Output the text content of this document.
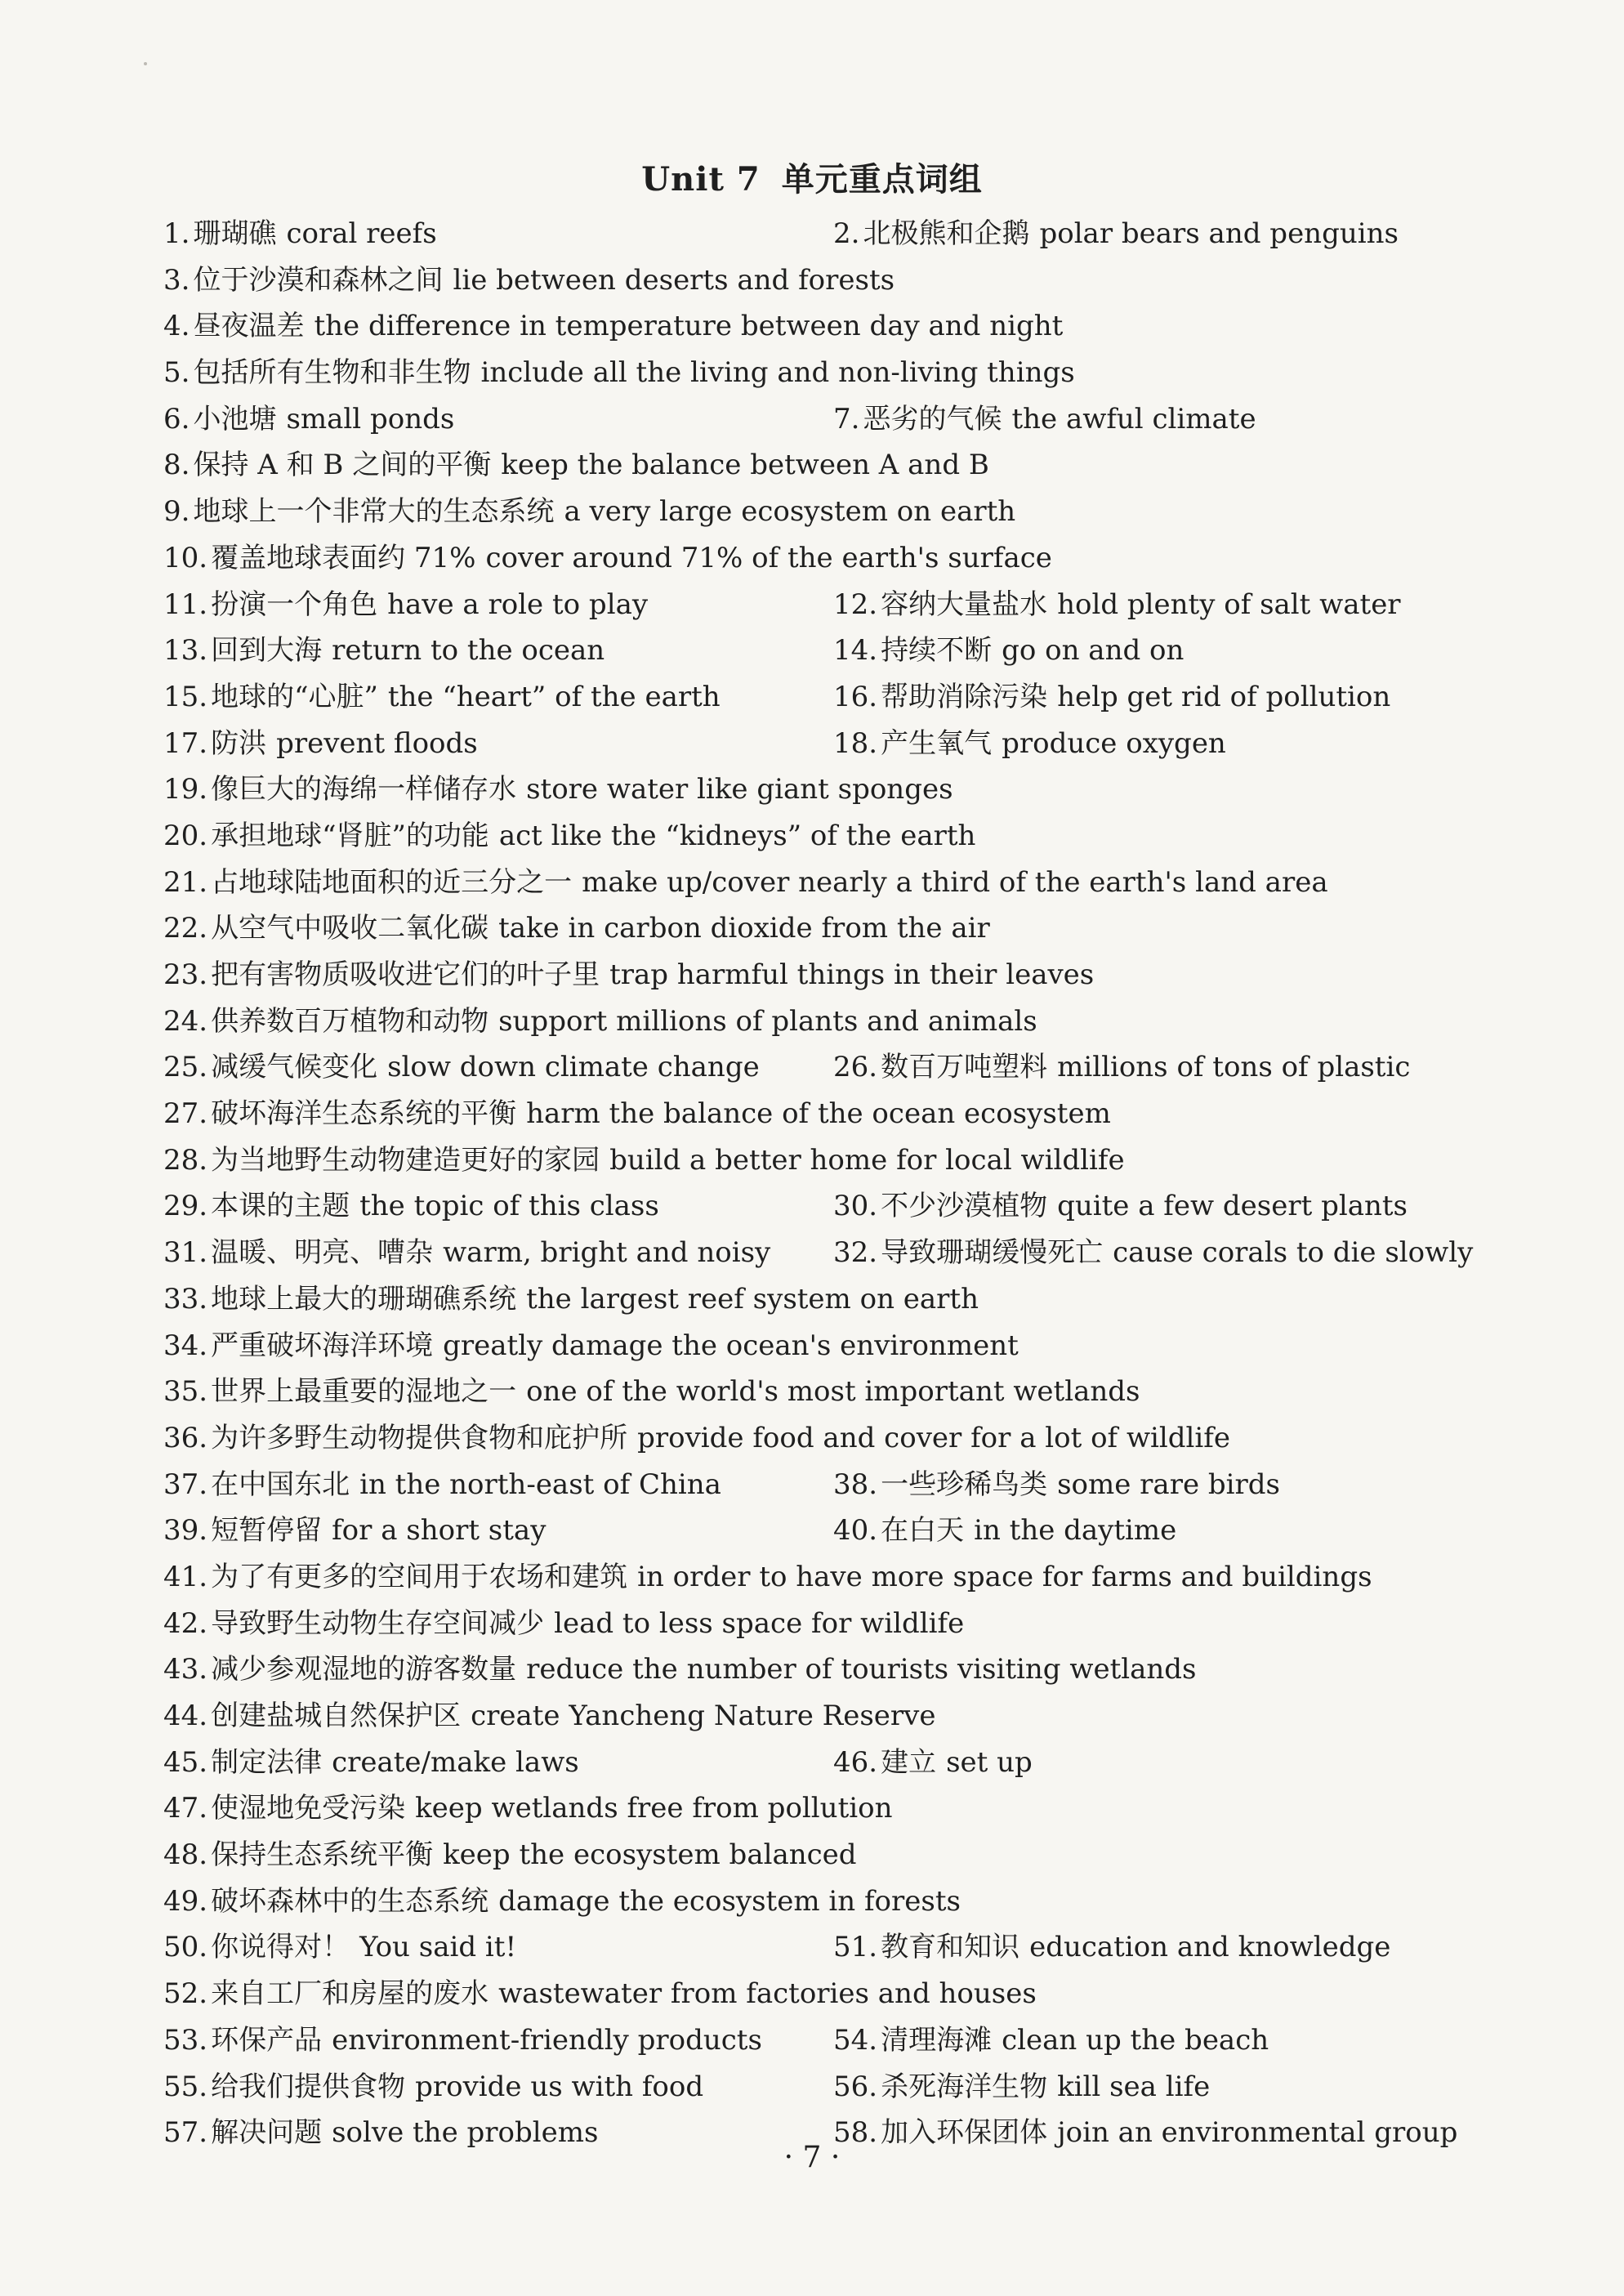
Unit 7 单元重点词组
1. 珊瑚礁 coral reefs	2. 北极熊和企鹅 polar bears and penguins
3. 位于沙漠和森林之间 lie between deserts and forests
4. 昼夜温差 the difference in temperature between day and night
5. 包括所有生物和非生物 include all the living and non-living things
6. 小池塘 small ponds	7. 恶劣的气候 the awful climate
8. 保持 A 和 B 之间的平衡 keep the balance between A and B
9. 地球上一个非常大的生态系统 a very large ecosystem on earth
10. 覆盖地球表面约 71% cover around 71% of the earth's surface
11. 扮演一个角色 have a role to play	12. 容纳大量盐水 hold plenty of salt water
13. 回到大海 return to the ocean	14. 持续不断 go on and on
15. 地球的“心脏” the “heart” of the earth	16. 帮助消除污染 help get rid of pollution
17. 防洪 prevent floods	18. 产生氧气 produce oxygen
19. 像巨大的海绵一样储存水 store water like giant sponges
20. 承担地球“肾脏”的功能 act like the “kidneys” of the earth
21. 占地球陆地面积的近三分之一 make up/cover nearly a third of the earth's land area
22. 从空气中吸收二氧化碳 take in carbon dioxide from the air
23. 把有害物质吸收进它们的叶子里 trap harmful things in their leaves
24. 供养数百万植物和动物 support millions of plants and animals
25. 减缓气候变化 slow down climate change	26. 数百万吨塑料 millions of tons of plastic
27. 破坏海洋生态系统的平衡 harm the balance of the ocean ecosystem
28. 为当地野生动物建造更好的家园 build a better home for local wildlife
29. 本课的主题 the topic of this class	30. 不少沙漠植物 quite a few desert plants
31. 温暖、明亮、嘈杂 warm, bright and noisy 32. 导致珊瑚缓慢死亡 cause corals to die slowly
33. 地球上最大的珊瑚礁系统 the largest reef system on earth
34. 严重破坏海洋环境 greatly damage the ocean's environment
35. 世界上最重要的湿地之一 one of the world's most important wetlands
36. 为许多野生动物提供食物和庇护所 provide food and cover for a lot of wildlife
37. 在中国东北 in the north-east of China	38. 一些珍稀鸟类 some rare birds
39. 短暂停留 for a short stay	40. 在白天 in the daytime
41. 为了有更多的空间用于农场和建筑 in order to have more space for farms and buildings
42. 导致野生动物生存空间减少 lead to less space for wildlife
43. 减少参观湿地的游客数量 reduce the number of tourists visiting wetlands
44. 创建盐城自然保护区 create Yancheng Nature Reserve
45. 制定法律 create/make laws	46. 建立 set up
47. 使湿地免受污染 keep wetlands free from pollution
48. 保持生态系统平衡 keep the ecosystem balanced
49. 破坏森林中的生态系统 damage the ecosystem in forests
50. 你说得对！ You said it!	51. 教育和知识 education and knowledge
52. 来自工厂和房屋的废水 wastewater from factories and houses
53. 环保产品 environment-friendly products	54. 清理海滩 clean up the beach
55. 给我们提供食物 provide us with food	56. 杀死海洋生物 kill sea life
57. 解决问题 solve the problems	58. 加入环保团体 join an environmental group
· 7 ·
